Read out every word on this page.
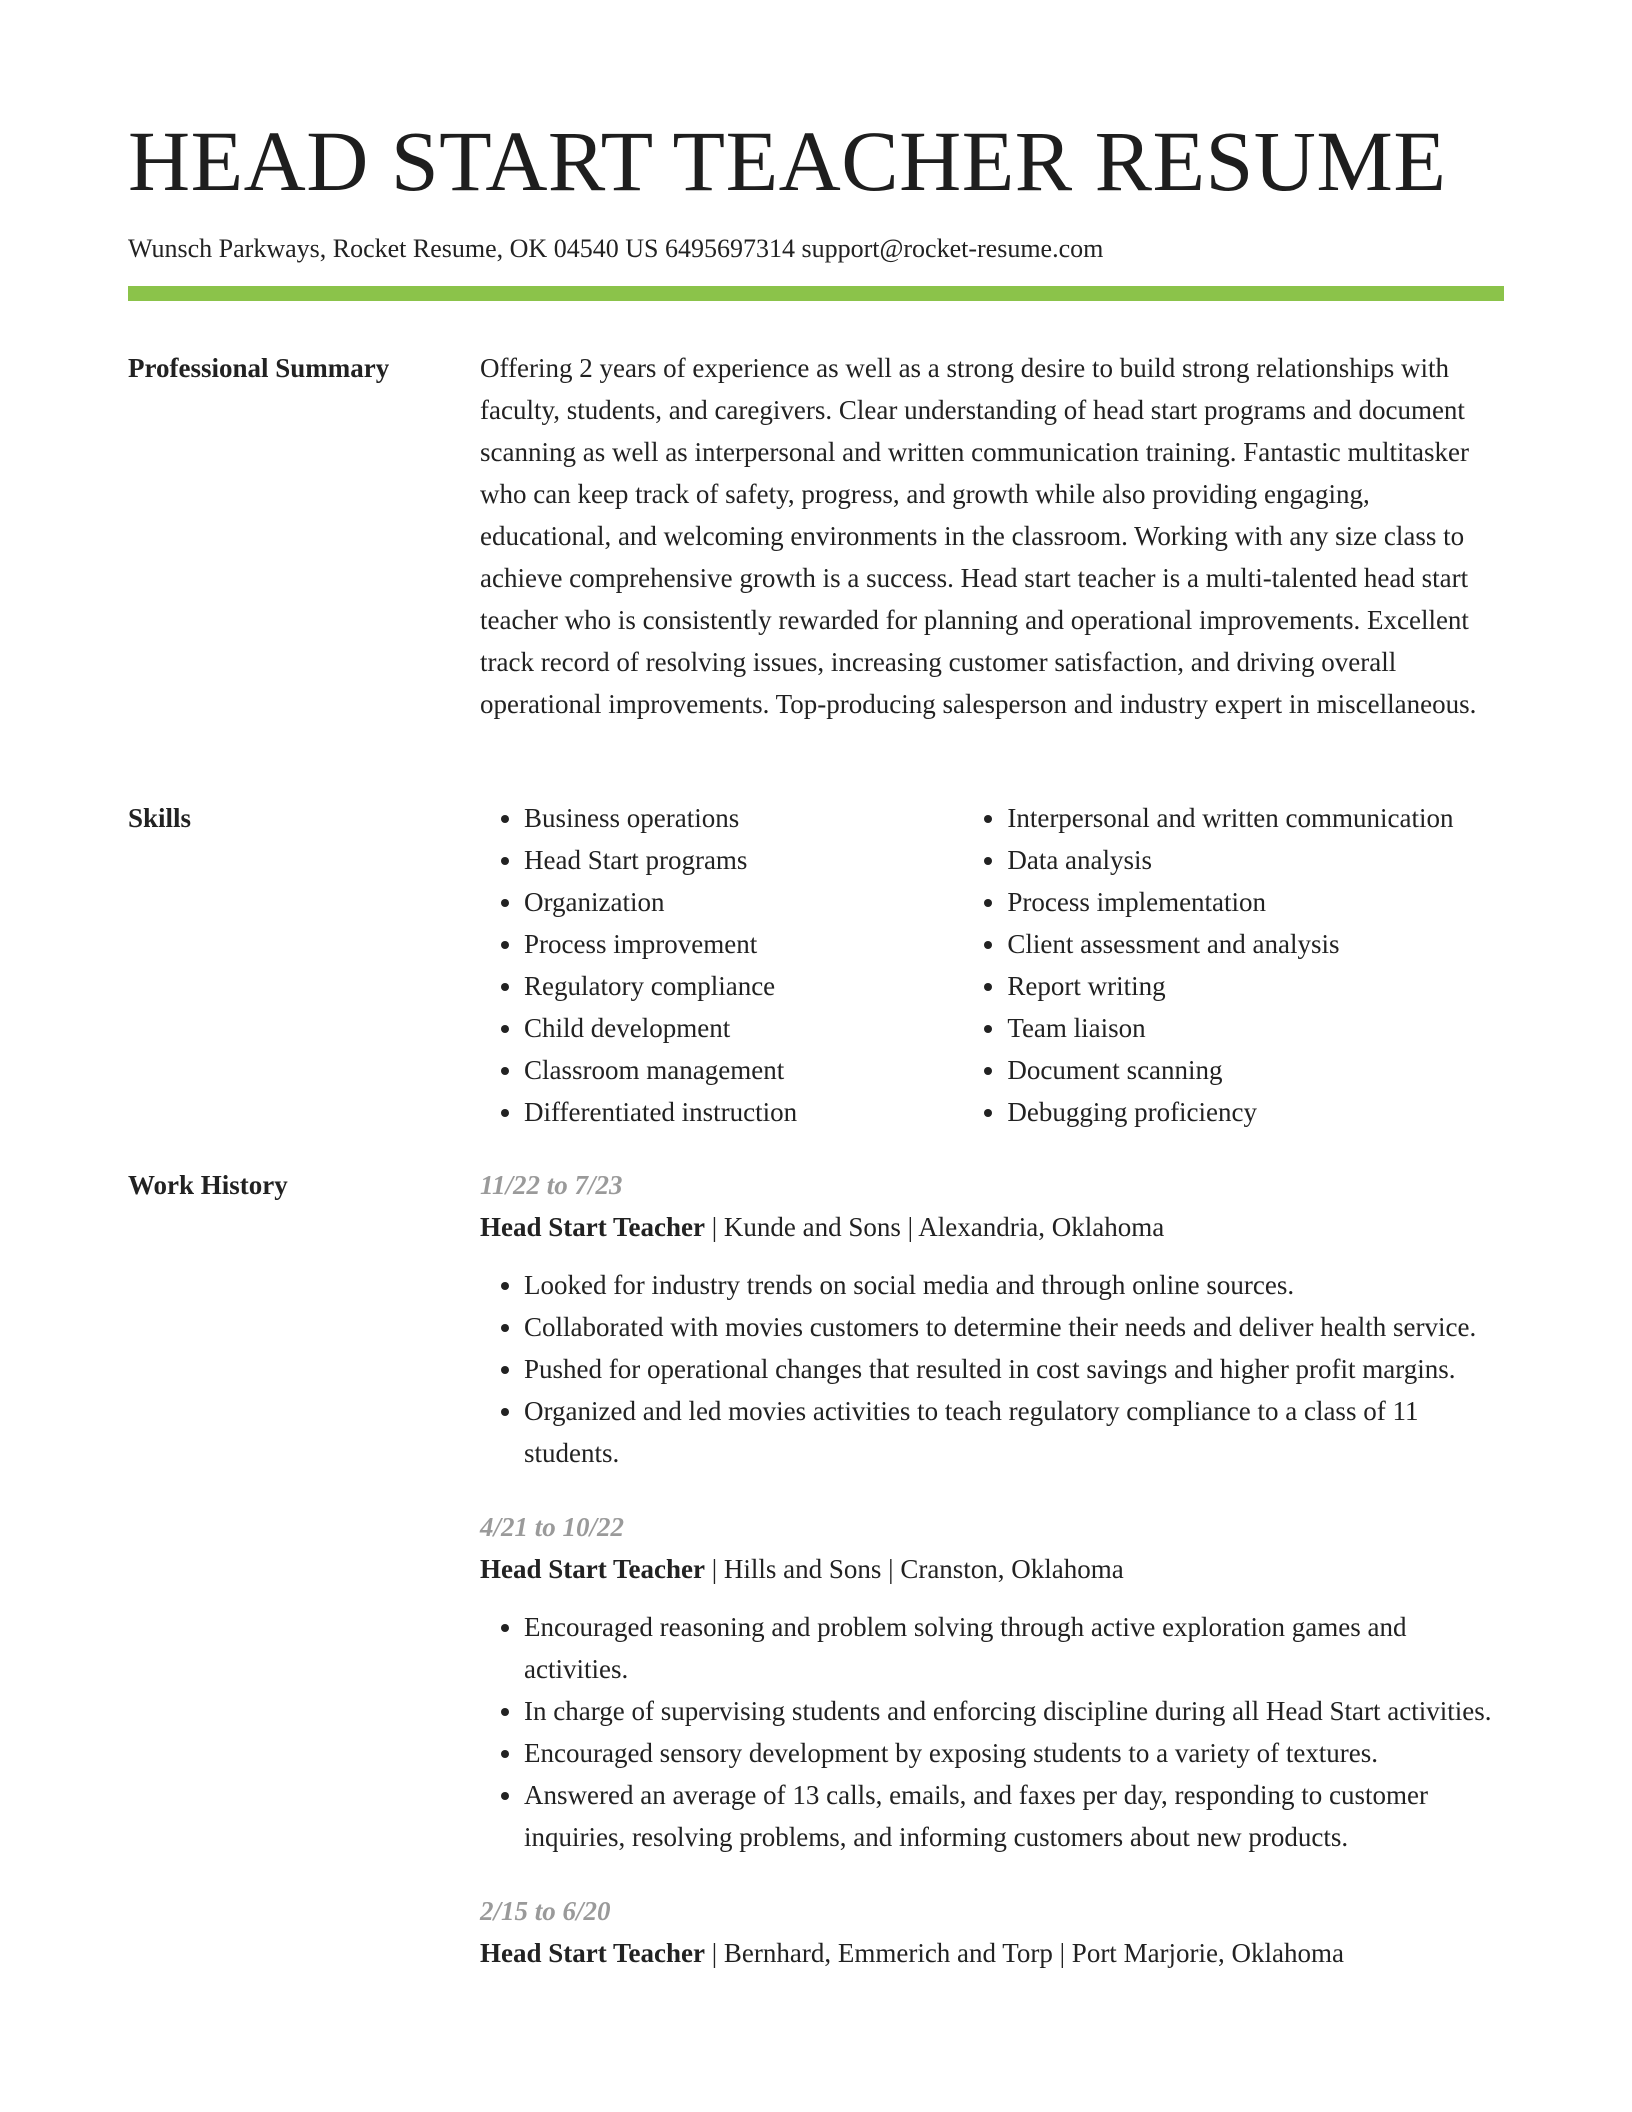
HEAD START TEACHER RESUME
Wunsch Parkways, Rocket Resume, OK 04540 US 6495697314 support@rocket-resume.com
Professional Summary	Offering 2 years of experience as well as a strong desire to build strong relationships with faculty, students, and caregivers. Clear understanding of head start programs and document scanning as well as interpersonal and written communication training. Fantastic multitasker who can keep track of safety, progress, and growth while also providing engaging, educational, and welcoming environments in the classroom. Working with any size class to achieve comprehensive growth is a success. Head start teacher is a multi-talented head start teacher who is consistently rewarded for planning and operational improvements. Excellent track record of resolving issues, increasing customer satisfaction, and driving overall operational improvements. Top-producing salesperson and industry expert in miscellaneous.

Skills
•	Business operations
• Head Start programs
• Organization
• Process improvement
• Regulatory compliance
• Child development
• Classroom management
• Differentiated instruction
• Interpersonal and written communication
• Data analysis
• Process implementation
• Client assessment and analysis
• Report writing
• Team liaison
• Document scanning
• Debugging proficiency
Work History	11/22 to 7/23
Head Start Teacher | Kunde and Sons | Alexandria, Oklahoma
• Looked for industry trends on social media and through online sources.
• Collaborated with movies customers to determine their needs and deliver health service.
• Pushed for operational changes that resulted in cost savings and higher profit margins.
• Organized and led movies activities to teach regulatory compliance to a class of 11 students.
4/21 to 10/22
Head Start Teacher | Hills and Sons | Cranston, Oklahoma
• Encouraged reasoning and problem solving through active exploration games and activities.
• In charge of supervising students and enforcing discipline during all Head Start activities.
• Encouraged sensory development by exposing students to a variety of textures.
• Answered an average of 13 calls, emails, and faxes per day, responding to customer inquiries, resolving problems, and informing customers about new products.
2/15 to 6/20
Head Start Teacher | Bernhard, Emmerich and Torp | Port Marjorie, Oklahoma
